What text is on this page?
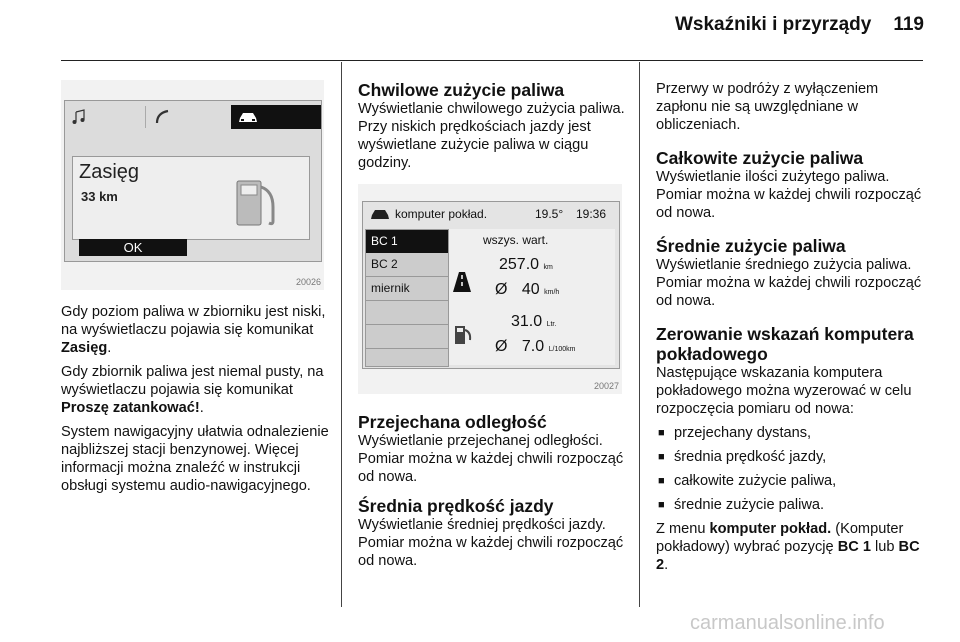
Wskaźniki i przyrządy 119
Zasięg
33 km
OK
20026

Gdy poziom paliwa w zbiorniku jest niski, na wyświetlaczu pojawia się komunikat Zasięg.

Gdy zbiornik paliwa jest niemal pusty, na wyświetlaczu pojawia się komunikat Proszę zatankować!.

System nawigacyjny ułatwia odnalezienie najbliższej stacji benzynowej. Więcej informacji można znaleźć w instrukcji obsługi systemu audio-nawigacyjnego.

Chwilowe zużycie paliwa

Wyświetlanie chwilowego zużycia paliwa. Przy niskich prędkościach jazdy jest wyświetlane zużycie paliwa w ciągu godziny.

komputer pokład.	19.5° 19:36
BC 1
BC 2
miernik
wszys. wart.
257.0 km
Ø 40 km/h
31.0 Ltr.
Ø 7.0 L/100km
20027
Przejechana odległość

Wyświetlanie przejechanej odległości. Pomiar można w każdej chwili rozpocząć od nowa.

Średnia prędkość jazdy

Wyświetlanie średniej prędkości jazdy. Pomiar można w każdej chwili rozpocząć od nowa.

Przerwy w podróży z wyłączeniem zapłonu nie są uwzględniane w obliczeniach.

Całkowite zużycie paliwa

Wyświetlanie ilości zużytego paliwa. Pomiar można w każdej chwili rozpocząć od nowa.

Średnie zużycie paliwa

Wyświetlanie średniego zużycia paliwa. Pomiar można w każdej chwili rozpocząć od nowa.

Zerowanie wskazań komputera pokładowego

Następujące wskazania komputera pokładowego można wyzerować w celu rozpoczęcia pomiaru od nowa:

■ przejechany dystans,
■ średnia prędkość jazdy,
■ całkowite zużycie paliwa,
■ średnie zużycie paliwa.

Z menu komputer pokład. (Komputer pokładowy) wybrać pozycję BC 1 lub BC 2.

carmanualsonline.info
